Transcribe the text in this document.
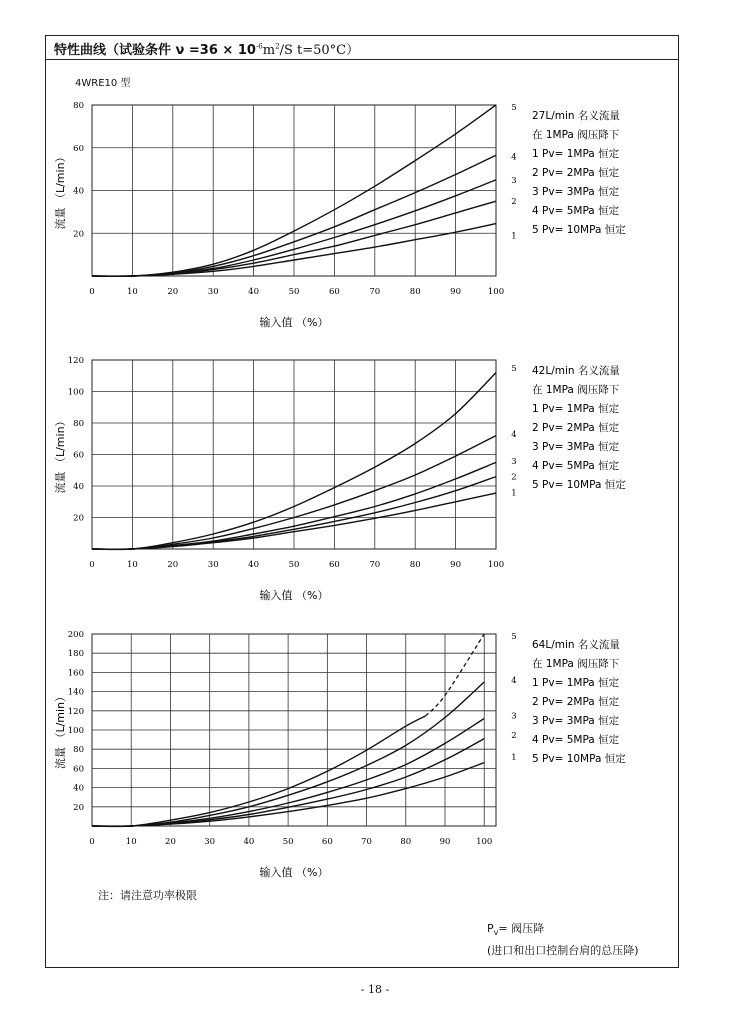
特性曲线（试验条件 $\nu =36 \times 10^{-6}m^2/S$ t=50°C）
4WRE10 型
注：请注意功率极限
$P_v=$ 阀压降
(进口和出口控制台肩的总压降)
0	10	20	30	40	50	60	70	80	90	100
20
40
60
80
输入值 （%）
流量 （L/min）
1
2
3
4
5
27L/min 名义流量
在 1MPa 阀压降下
1 Pv= 1MPa 恒定
2 Pv= 2MPa 恒定
3 Pv= 3MPa 恒定
4 Pv= 5MPa 恒定
5 Pv= 10MPa 恒定
0	10	20	30	40	50	60	70	80	90	100
20
40
60
80
100
120
输入值 （%）
流量 （L/min）	1
2
3
4
5 42L/min 名义流量
在 1MPa 阀压降下
1 Pv= 1MPa 恒定
2 Pv= 2MPa 恒定
3 Pv= 3MPa 恒定
4 Pv= 5MPa 恒定
5 Pv= 10MPa 恒定
0	10	20	30	40	50	60	70	80	90	100
20
40
60
80
100
120
140
160
180
200
输入值 （%）
流量 （L/min）	1
2
3
4
5
64L/min 名义流量
在 1MPa 阀压降下
1 Pv= 1MPa 恒定
2 Pv= 2MPa 恒定
3 Pv= 3MPa 恒定
4 Pv= 5MPa 恒定
5 Pv= 10MPa 恒定
- 18 -
